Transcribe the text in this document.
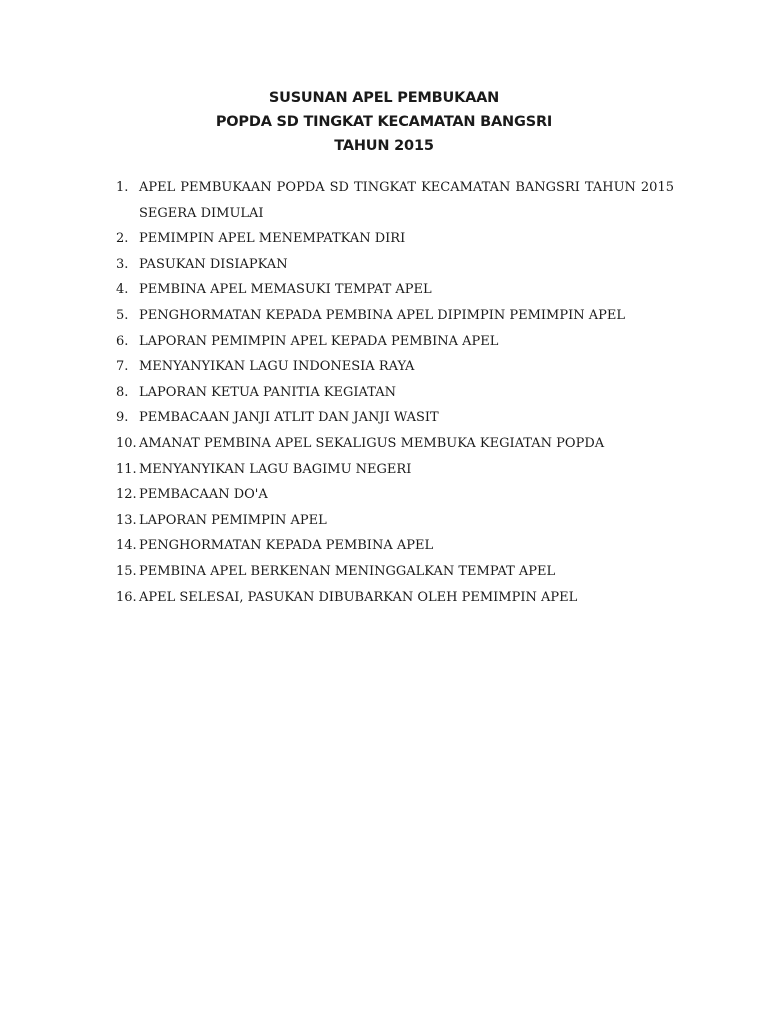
SUSUNAN APEL PEMBUKAAN
POPDA SD TINGKAT KECAMATAN BANGSRI
TAHUN 2015
1. APEL PEMBUKAAN POPDA SD TINGKAT KECAMATAN BANGSRI TAHUN 2015 SEGERA DIMULAI
2. PEMIMPIN APEL MENEMPATKAN DIRI
3. PASUKAN DISIAPKAN
4. PEMBINA APEL MEMASUKI TEMPAT APEL
5. PENGHORMATAN KEPADA PEMBINA APEL DIPIMPIN PEMIMPIN APEL
6. LAPORAN PEMIMPIN APEL KEPADA PEMBINA APEL
7. MENYANYIKAN LAGU INDONESIA RAYA
8. LAPORAN KETUA PANITIA KEGIATAN
9. PEMBACAAN JANJI ATLIT DAN JANJI WASIT
10. AMANAT PEMBINA APEL SEKALIGUS MEMBUKA KEGIATAN POPDA
11. MENYANYIKAN LAGU BAGIMU NEGERI
12. PEMBACAAN DO'A
13. LAPORAN PEMIMPIN APEL
14. PENGHORMATAN KEPADA PEMBINA APEL
15. PEMBINA APEL BERKENAN MENINGGALKAN TEMPAT APEL
16. APEL SELESAI, PASUKAN DIBUBARKAN OLEH PEMIMPIN APEL
